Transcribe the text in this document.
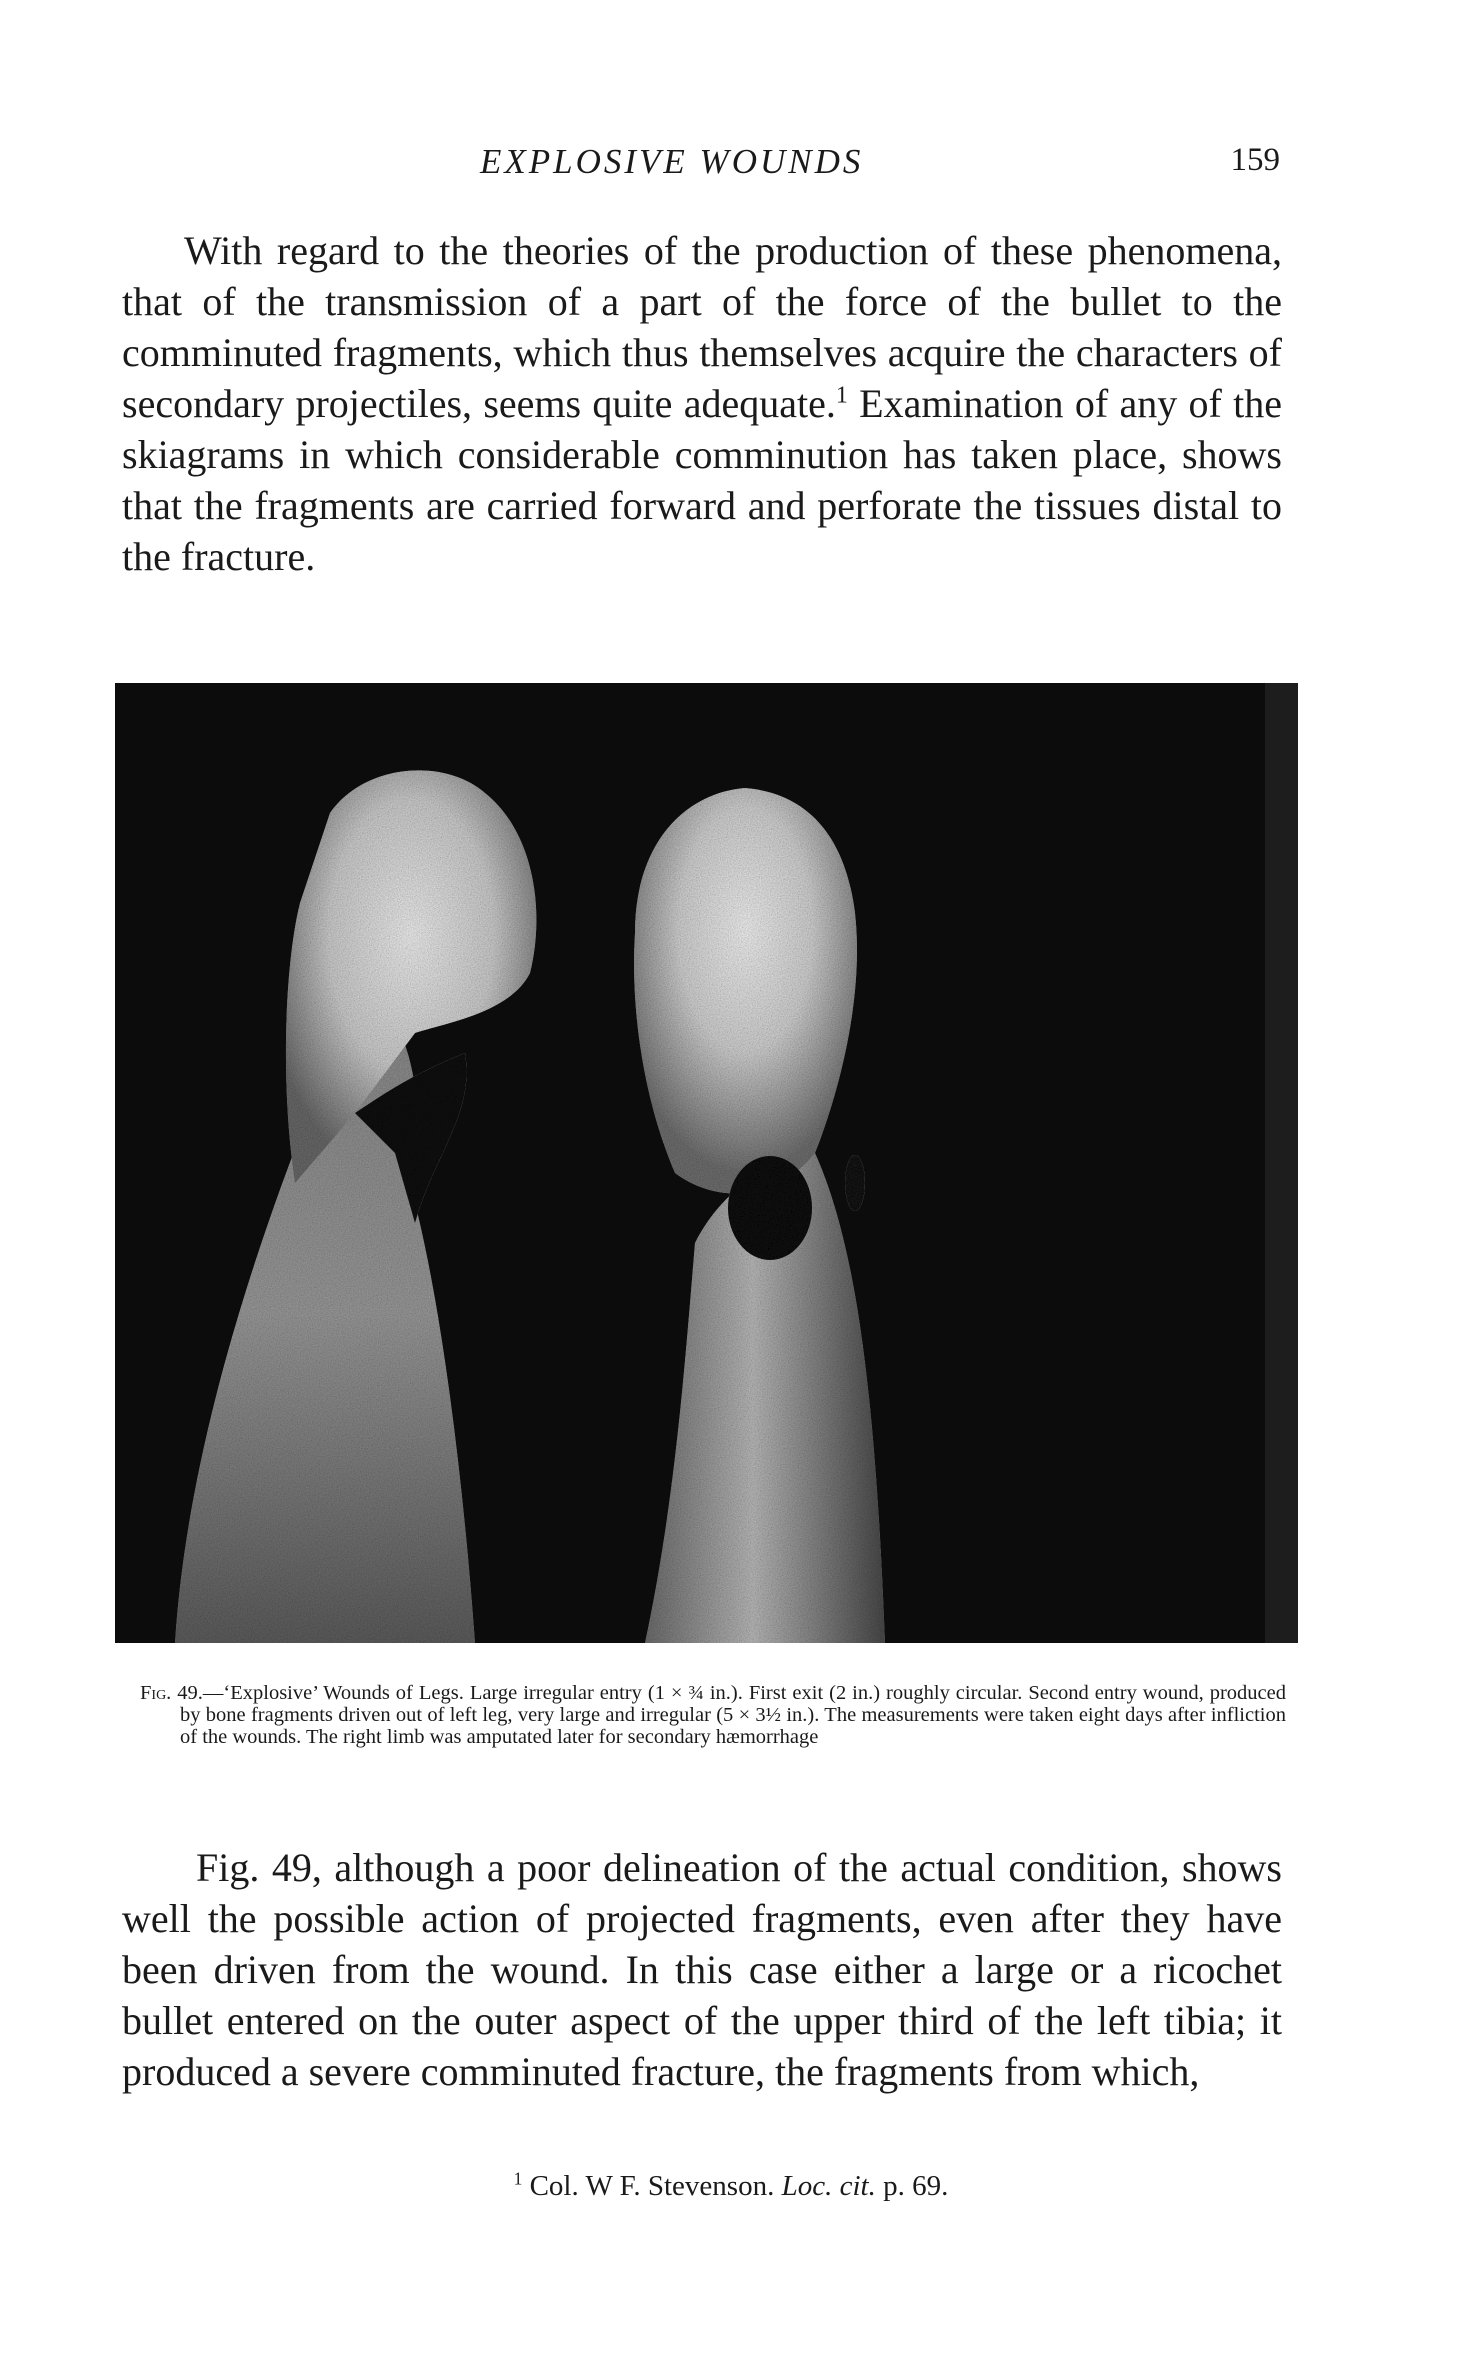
EXPLOSIVE WOUNDS	159

With regard to the theories of the production of these phenomena, that of the transmission of a part of the force of the bullet to the comminuted fragments, which thus themselves acquire the characters of secondary projectiles, seems quite adequate.$^1$ Examination of any of the skiagrams in which considerable comminution has taken place, shows that the fragments are carried forward and perforate the tissues distal to the fracture.

Fig. 49.—‘Explosive’ Wounds of Legs. Large irregular entry (1 × ¾ in.). First exit (2 in.) roughly circular. Second entry wound, produced by bone fragments driven out of left leg, very large and irregular (5 × 3½ in.). The measurements were taken eight days after infliction of the wounds. The right limb was amputated later for secondary hæmorrhage

Fig. 49, although a poor delineation of the actual condition, shows well the possible action of projected fragments, even after they have been driven from the wound. In this case either a large or a ricochet bullet entered on the outer aspect of the upper third of the left tibia; it produced a severe comminuted fracture, the fragments from which,

$^1$ Col. W F. Stevenson. Loc. cit. p. 69.
